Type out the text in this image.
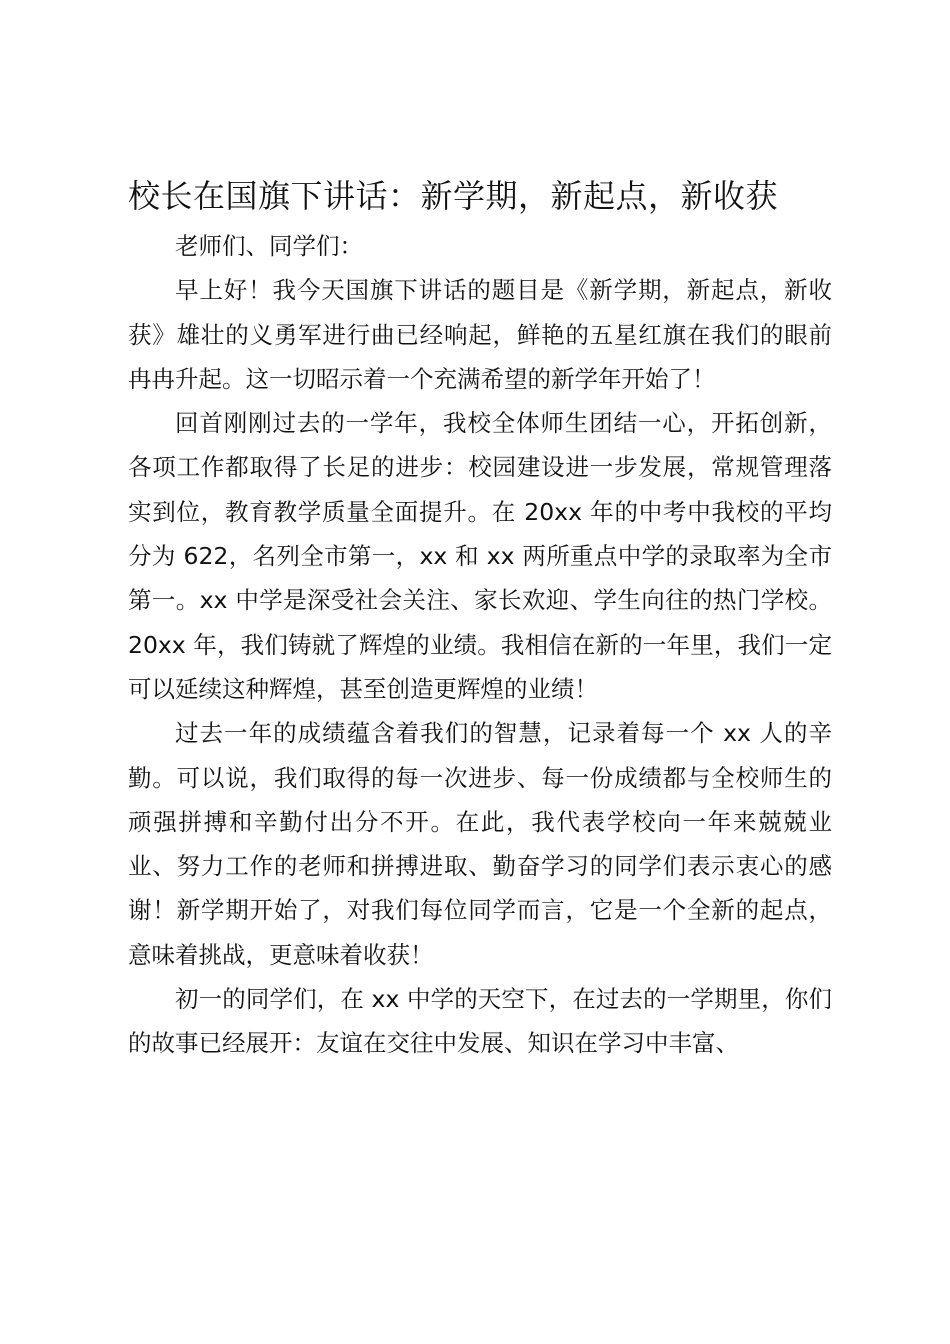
校长在国旗下讲话：新学期，新起点，新收获

老师们、同学们：

早上好！我今天国旗下讲话的题目是《新学期，新起点，新收获》雄壮的义勇军进行曲已经响起，鲜艳的五星红旗在我们的眼前冉冉升起。这一切昭示着一个充满希望的新学年开始了！

回首刚刚过去的一学年，我校全体师生团结一心，开拓创新，各项工作都取得了长足的进步：校园建设进一步发展，常规管理落实到位，教育教学质量全面提升。在 20xx 年的中考中我校的平均分为 622，名列全市第一，xx 和 xx 两所重点中学的录取率为全市第一。xx 中学是深受社会关注、家长欢迎、学生向往的热门学校。20xx 年，我们铸就了辉煌的业绩。我相信在新的一年里，我们一定可以延续这种辉煌，甚至创造更辉煌的业绩！

过去一年的成绩蕴含着我们的智慧，记录着每一个 xx 人的辛勤。可以说，我们取得的每一次进步、每一份成绩都与全校师生的顽强拼搏和辛勤付出分不开。在此，我代表学校向一年来兢兢业业、努力工作的老师和拼搏进取、勤奋学习的同学们表示衷心的感谢！新学期开始了，对我们每位同学而言，它是一个全新的起点，意味着挑战，更意味着收获！

初一的同学们，在 xx 中学的天空下，在过去的一学期里，你们的故事已经展开：友谊在交往中发展、知识在学习中丰富、
